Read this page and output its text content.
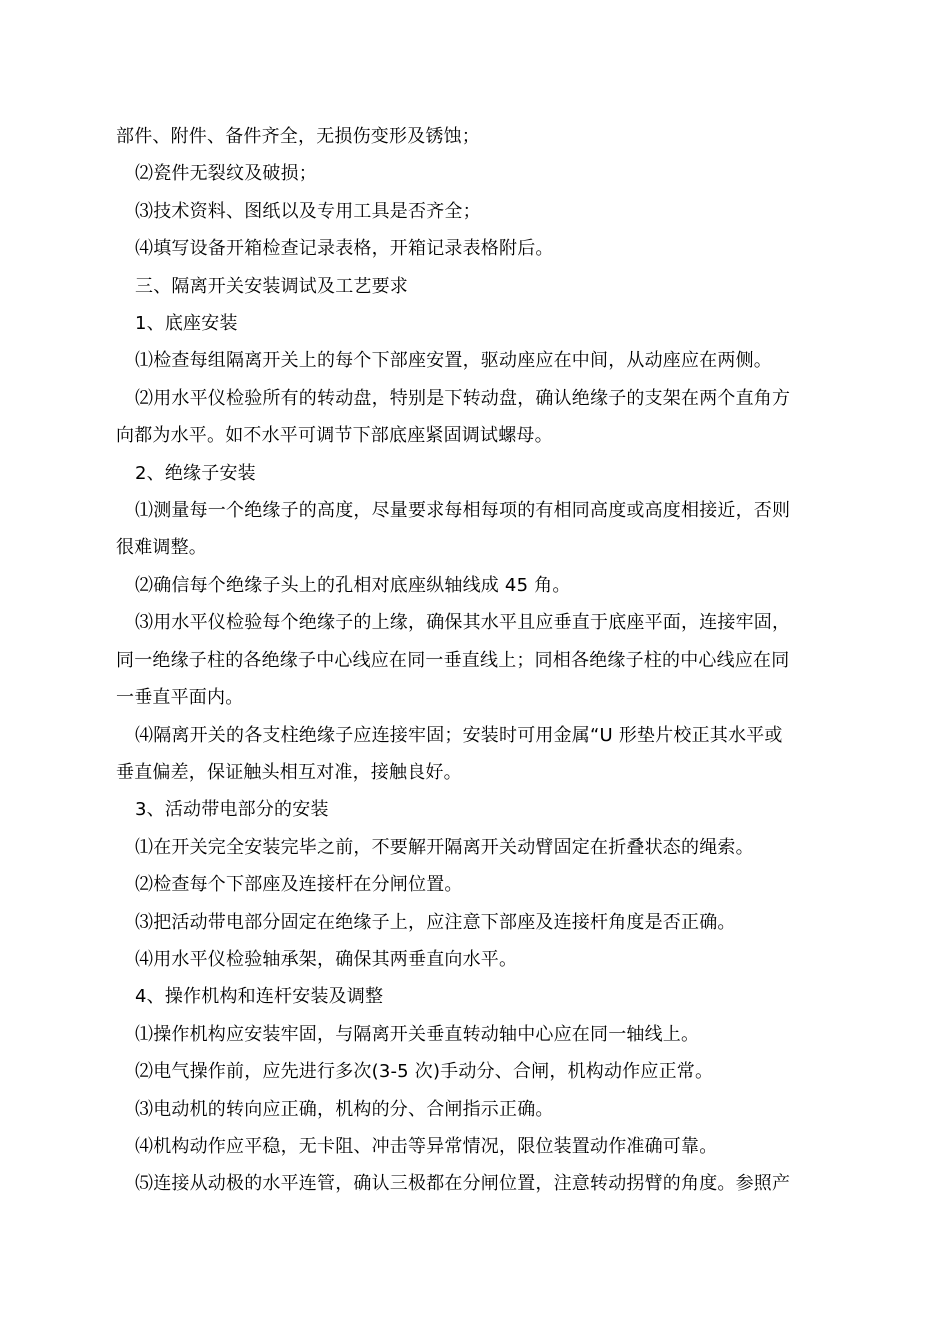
部件、附件、备件齐全，无损伤变形及锈蚀；

⑵瓷件无裂纹及破损；

⑶技术资料、图纸以及专用工具是否齐全；

⑷填写设备开箱检查记录表格，开箱记录表格附后。

三、隔离开关安装调试及工艺要求

1、底座安装

⑴检查每组隔离开关上的每个下部座安置，驱动座应在中间，从动座应在两侧。

⑵用水平仪检验所有的转动盘，特别是下转动盘，确认绝缘子的支架在两个直角方
向都为水平。如不水平可调节下部底座紧固调试螺母。

2、绝缘子安装

⑴测量每一个绝缘子的高度，尽量要求每相每项的有相同高度或高度相接近，否则
很难调整。

⑵确信每个绝缘子头上的孔相对底座纵轴线成 45 角。

⑶用水平仪检验每个绝缘子的上缘，确保其水平且应垂直于底座平面，连接牢固，
同一绝缘子柱的各绝缘子中心线应在同一垂直线上；同相各绝缘子柱的中心线应在同
一垂直平面内。

⑷隔离开关的各支柱绝缘子应连接牢固；安装时可用金属“U 形垫片校正其水平或
垂直偏差，保证触头相互对准，接触良好。

3、活动带电部分的安装

⑴在开关完全安装完毕之前，不要解开隔离开关动臂固定在折叠状态的绳索。

⑵检查每个下部座及连接杆在分闸位置。

⑶把活动带电部分固定在绝缘子上，应注意下部座及连接杆角度是否正确。

⑷用水平仪检验轴承架，确保其两垂直向水平。

4、操作机构和连杆安装及调整

⑴操作机构应安装牢固，与隔离开关垂直转动轴中心应在同一轴线上。

⑵电气操作前，应先进行多次(3-5 次)手动分、合闸，机构动作应正常。

⑶电动机的转向应正确，机构的分、合闸指示正确。

⑷机构动作应平稳，无卡阻、冲击等异常情况，限位装置动作准确可靠。

⑸连接从动极的水平连管，确认三极都在分闸位置，注意转动拐臂的角度。参照产
